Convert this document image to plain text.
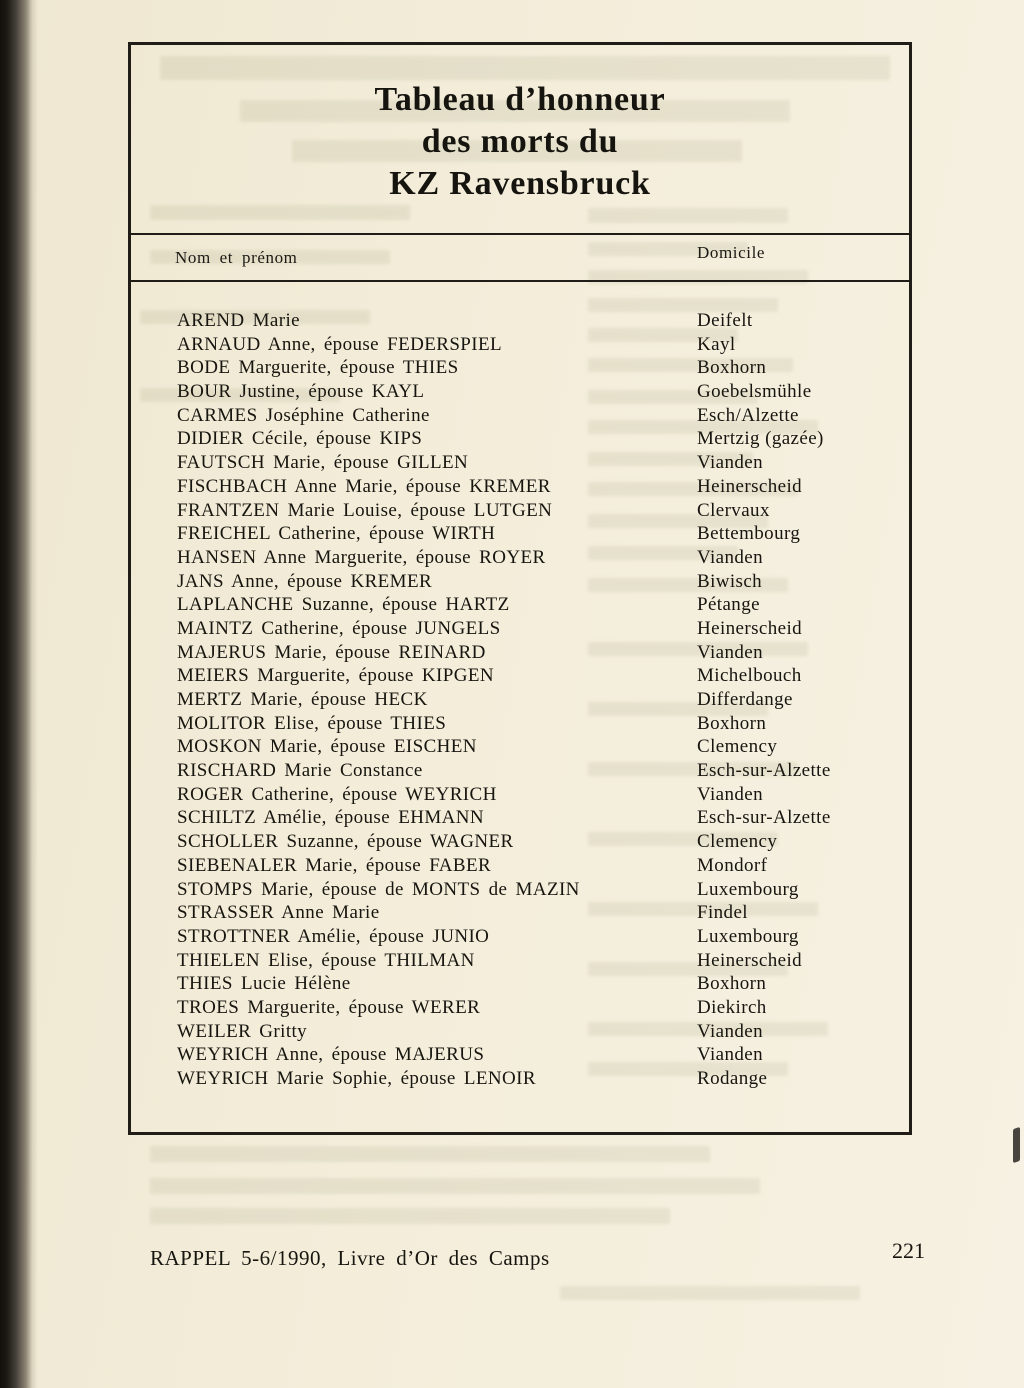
Tableau d’honneur
des morts du
KZ Ravensbruck
Nom et prénom	Domicile
AREND Marie	Deifelt
ARNAUD Anne, épouse FEDERSPIEL	Kayl
BODE Marguerite, épouse THIES	Boxhorn
BOUR Justine, épouse KAYL	Goebelsmühle
CARMES Joséphine Catherine	Esch/Alzette
DIDIER Cécile, épouse KIPS	Mertzig (gazée)
FAUTSCH Marie, épouse GILLEN	Vianden
FISCHBACH Anne Marie, épouse KREMER	Heinerscheid
FRANTZEN Marie Louise, épouse LUTGEN	Clervaux
FREICHEL Catherine, épouse WIRTH	Bettembourg
HANSEN Anne Marguerite, épouse ROYER	Vianden
JANS Anne, épouse KREMER	Biwisch
LAPLANCHE Suzanne, épouse HARTZ	Pétange
MAINTZ Catherine, épouse JUNGELS	Heinerscheid
MAJERUS Marie, épouse REINARD	Vianden
MEIERS Marguerite, épouse KIPGEN	Michelbouch
MERTZ Marie, épouse HECK	Differdange
MOLITOR Elise, épouse THIES	Boxhorn
MOSKON Marie, épouse EISCHEN	Clemency
RISCHARD Marie Constance	Esch-sur-Alzette
ROGER Catherine, épouse WEYRICH	Vianden
SCHILTZ Amélie, épouse EHMANN	Esch-sur-Alzette
SCHOLLER Suzanne, épouse WAGNER	Clemency
SIEBENALER Marie, épouse FABER	Mondorf
STOMPS Marie, épouse de MONTS de MAZIN	Luxembourg
STRASSER Anne Marie	Findel
STROTTNER Amélie, épouse JUNIO	Luxembourg
THIELEN Elise, épouse THILMAN	Heinerscheid
THIES Lucie Hélène	Boxhorn
TROES Marguerite, épouse WERER	Diekirch
WEILER Gritty	Vianden
WEYRICH Anne, épouse MAJERUS	Vianden
WEYRICH Marie Sophie, épouse LENOIR	Rodange
RAPPEL 5-6/1990, Livre d’Or des Camps	221
